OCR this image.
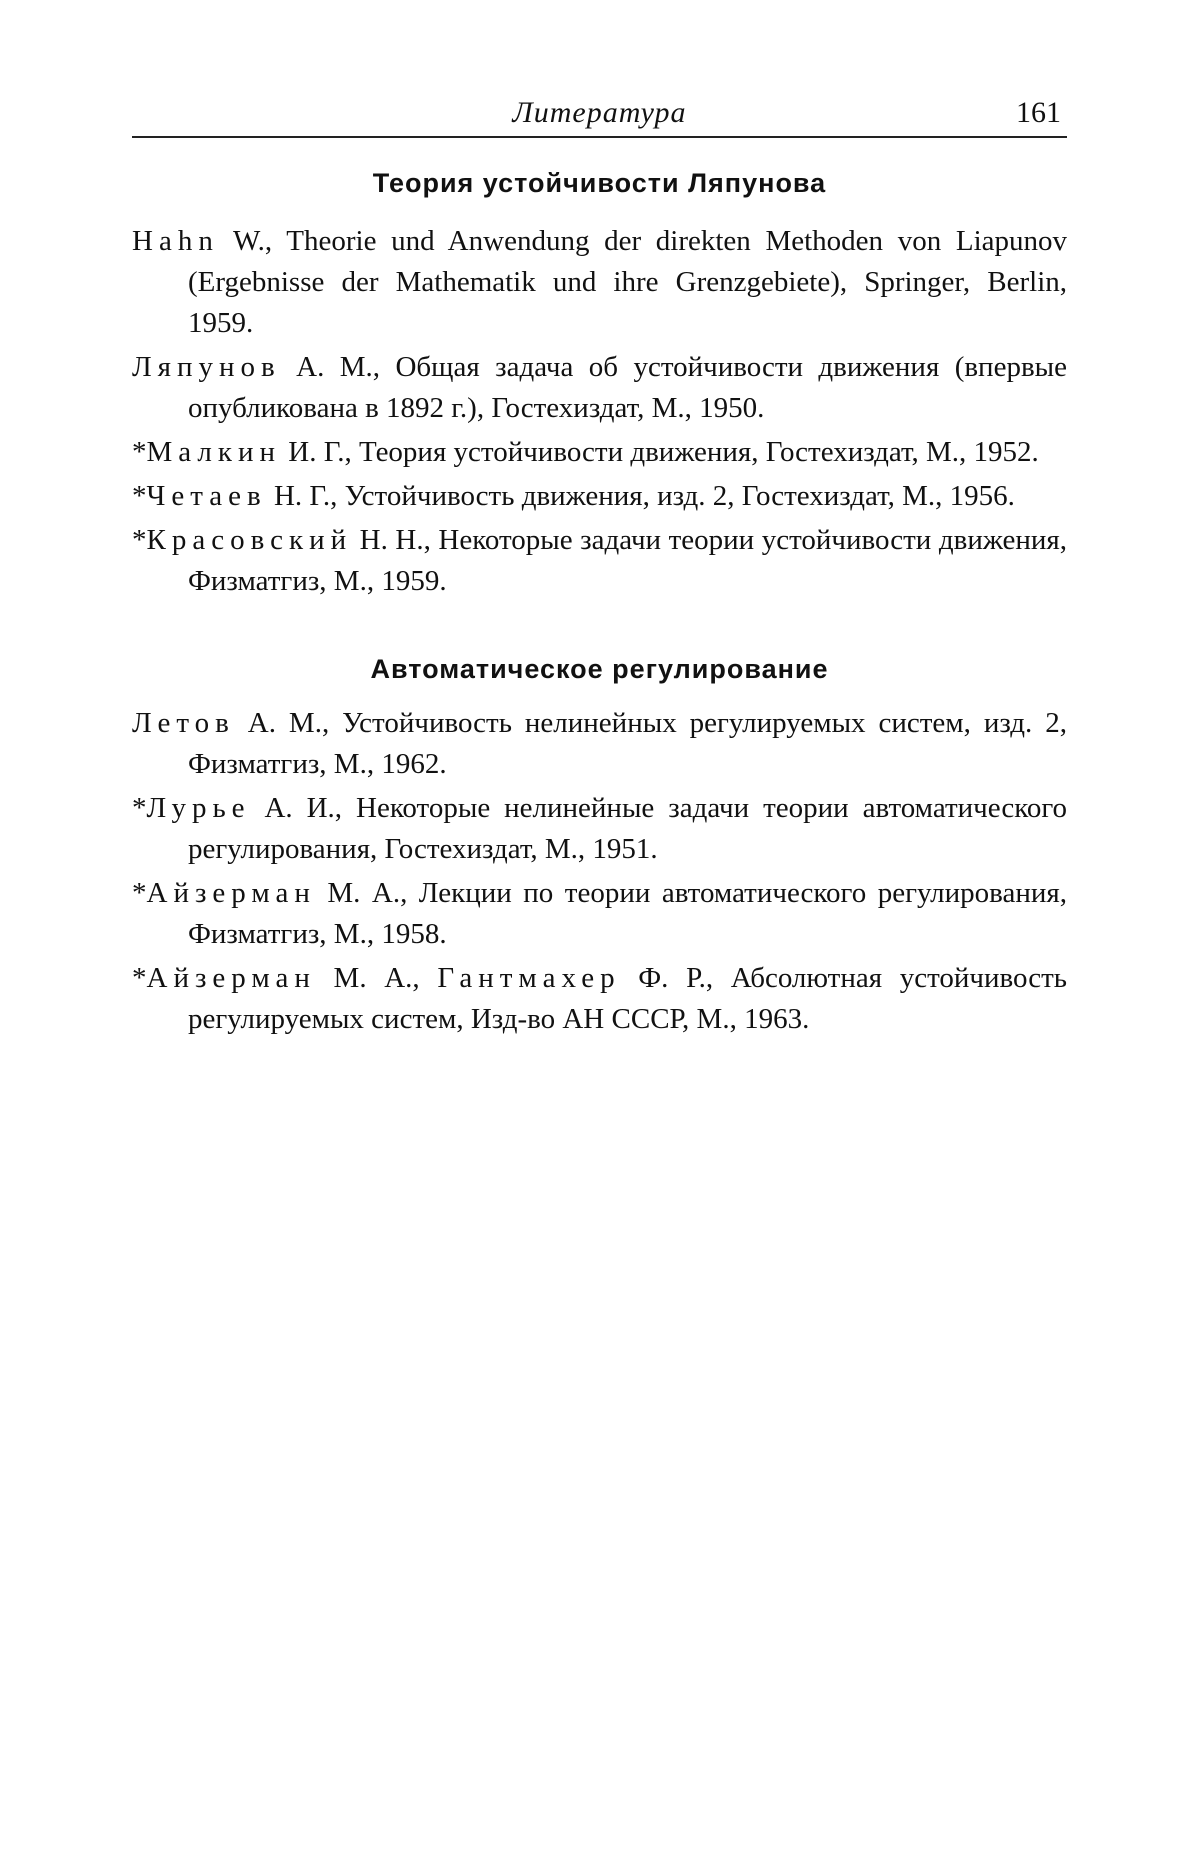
Литература	161
Теория устойчивости Ляпунова
Hahn W., Theorie und Anwendung der direkten Methoden von Liapunov (Ergebnisse der Mathematik und ihre Grenzgebiete), Springer, Berlin, 1959.
Ляпунов А. М., Общая задача об устойчивости движения (впервые опубликована в 1892 г.), Гостехиздат, М., 1950.
*Малкин И. Г., Теория устойчивости движения, Гостехиздат, М., 1952.
*Четаев Н. Г., Устойчивость движения, изд. 2, Гостехиздат, М., 1956.
*Красовский Н. Н., Некоторые задачи теории устойчивости движения, Физматгиз, М., 1959.
Автоматическое регулирование
Летов А. М., Устойчивость нелинейных регулируемых систем, изд. 2, Физматгиз, М., 1962.
*Лурье А. И., Некоторые нелинейные задачи теории автоматического регулирования, Гостехиздат, М., 1951.
*Айзерман М. А., Лекции по теории автоматического регулирования, Физматгиз, М., 1958.
*Айзерман М. А., Гантмахер Ф. Р., Абсолютная устойчивость регулируемых систем, Изд-во АН СССР, М., 1963.
